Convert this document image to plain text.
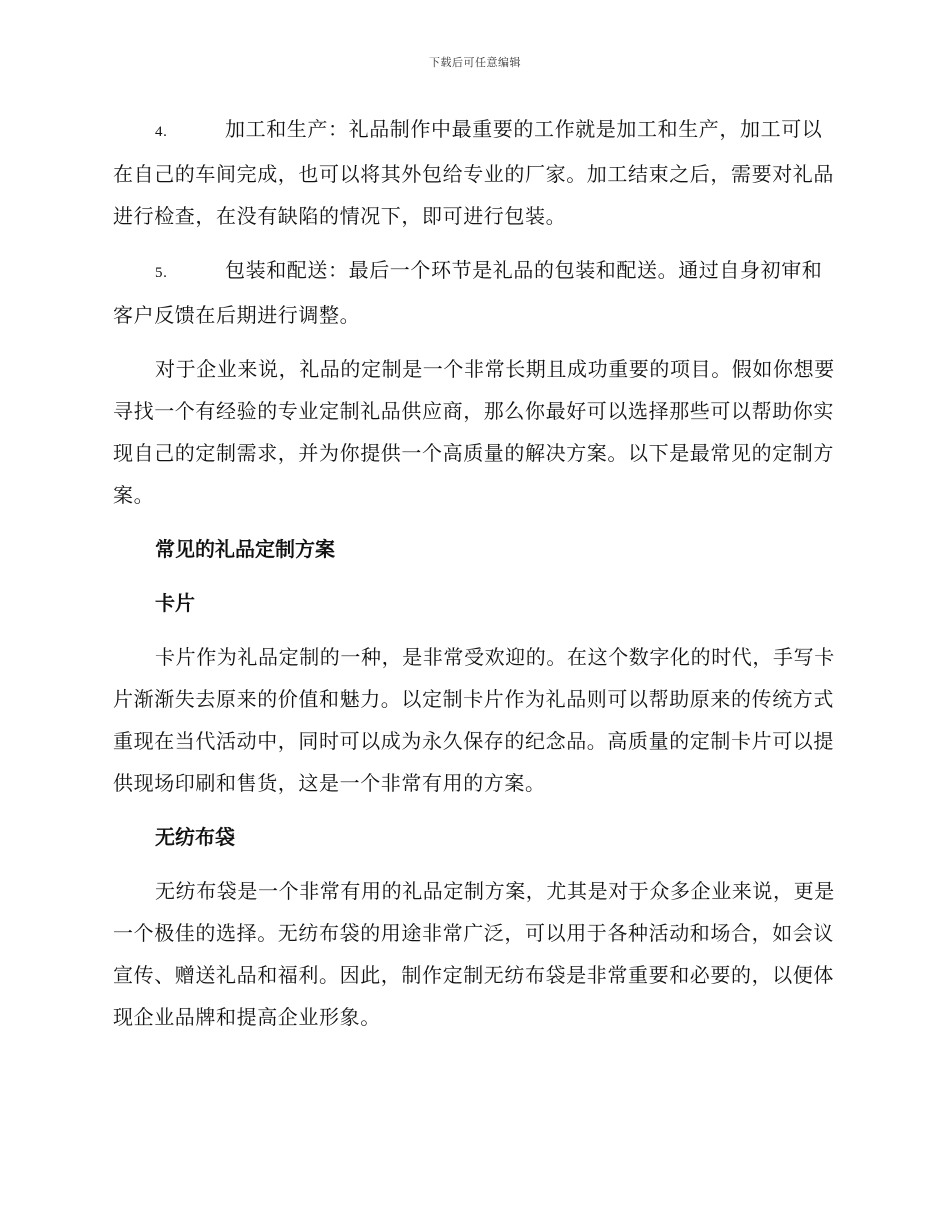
下载后可任意编辑

4.	加工和生产：礼品制作中最重要的工作就是加工和生产，加工可以在自己的车间完成，也可以将其外包给专业的厂家。加工结束之后，需要对礼品进行检查，在没有缺陷的情况下，即可进行包装。

5.	包装和配送：最后一个环节是礼品的包装和配送。通过自身初审和客户反馈在后期进行调整。

对于企业来说，礼品的定制是一个非常长期且成功重要的项目。假如你想要寻找一个有经验的专业定制礼品供应商，那么你最好可以选择那些可以帮助你实现自己的定制需求，并为你提供一个高质量的解决方案。以下是最常见的定制方案。

常见的礼品定制方案
卡片

卡片作为礼品定制的一种，是非常受欢迎的。在这个数字化的时代，手写卡片渐渐失去原来的价值和魅力。以定制卡片作为礼品则可以帮助原来的传统方式重现在当代活动中，同时可以成为永久保存的纪念品。高质量的定制卡片可以提供现场印刷和售货，这是一个非常有用的方案。

无纺布袋

无纺布袋是一个非常有用的礼品定制方案，尤其是对于众多企业来说，更是一个极佳的选择。无纺布袋的用途非常广泛，可以用于各种活动和场合，如会议宣传、赠送礼品和福利。因此，制作定制无纺布袋是非常重要和必要的，以便体现企业品牌和提高企业形象。
